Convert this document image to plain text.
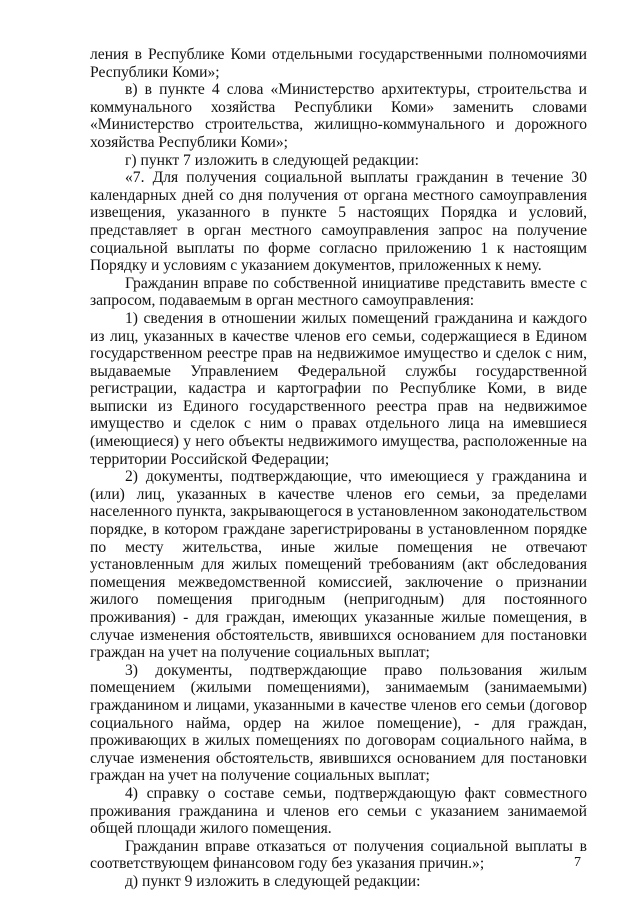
ления в Республике Коми отдельными государственными полномочиями Республики Коми»;

в) в пункте 4 слова «Министерство архитектуры, строительства и коммунального хозяйства Республики Коми» заменить словами «Министерство строительства, жилищно-коммунального и дорожного хозяйства Республики Коми»;

г) пункт 7 изложить в следующей редакции:

«7. Для получения социальной выплаты гражданин в течение 30 календарных дней со дня получения от органа местного самоуправления извещения, указанного в пункте 5 настоящих Порядка и условий, представляет в орган местного самоуправления запрос на получение социальной выплаты по форме согласно приложению 1 к настоящим Порядку и условиям с указанием документов, приложенных к нему.

Гражданин вправе по собственной инициативе представить вместе с запросом, подаваемым в орган местного самоуправления:

1) сведения в отношении жилых помещений гражданина и каждого из лиц, указанных в качестве членов его семьи, содержащиеся в Едином государственном реестре прав на недвижимое имущество и сделок с ним, выдаваемые Управлением Федеральной службы государственной регистрации, кадастра и картографии по Республике Коми, в виде выписки из Единого государственного реестра прав на недвижимое имущество и сделок с ним о правах отдельного лица на имевшиеся (имеющиеся) у него объекты недвижимого имущества, расположенные на территории Российской Федерации;

2) документы, подтверждающие, что имеющиеся у гражданина и (или) лиц, указанных в качестве членов его семьи, за пределами населенного пункта, закрывающегося в установленном законодательством порядке, в котором граждане зарегистрированы в установленном порядке по месту жительства, иные жилые помещения не отвечают установленным для жилых помещений требованиям (акт обследования помещения межведомственной комиссией, заключение о признании жилого помещения пригодным (непригодным) для постоянного проживания) - для граждан, имеющих указанные жилые помещения, в случае изменения обстоятельств, явившихся основанием для постановки граждан на учет на получение социальных выплат;

3) документы, подтверждающие право пользования жилым помещением (жилыми помещениями), занимаемым (занимаемыми) гражданином и лицами, указанными в качестве членов его семьи (договор социального найма, ордер на жилое помещение), - для граждан, проживающих в жилых помещениях по договорам социального найма, в случае изменения обстоятельств, явившихся основанием для постановки граждан на учет на получение социальных выплат;

4) справку о составе семьи, подтверждающую факт совместного проживания гражданина и членов его семьи с указанием занимаемой общей площади жилого помещения.

Гражданин вправе отказаться от получения социальной выплаты в соответствующем финансовом году без указания причин.»;

д) пункт 9 изложить в следующей редакции:

7
